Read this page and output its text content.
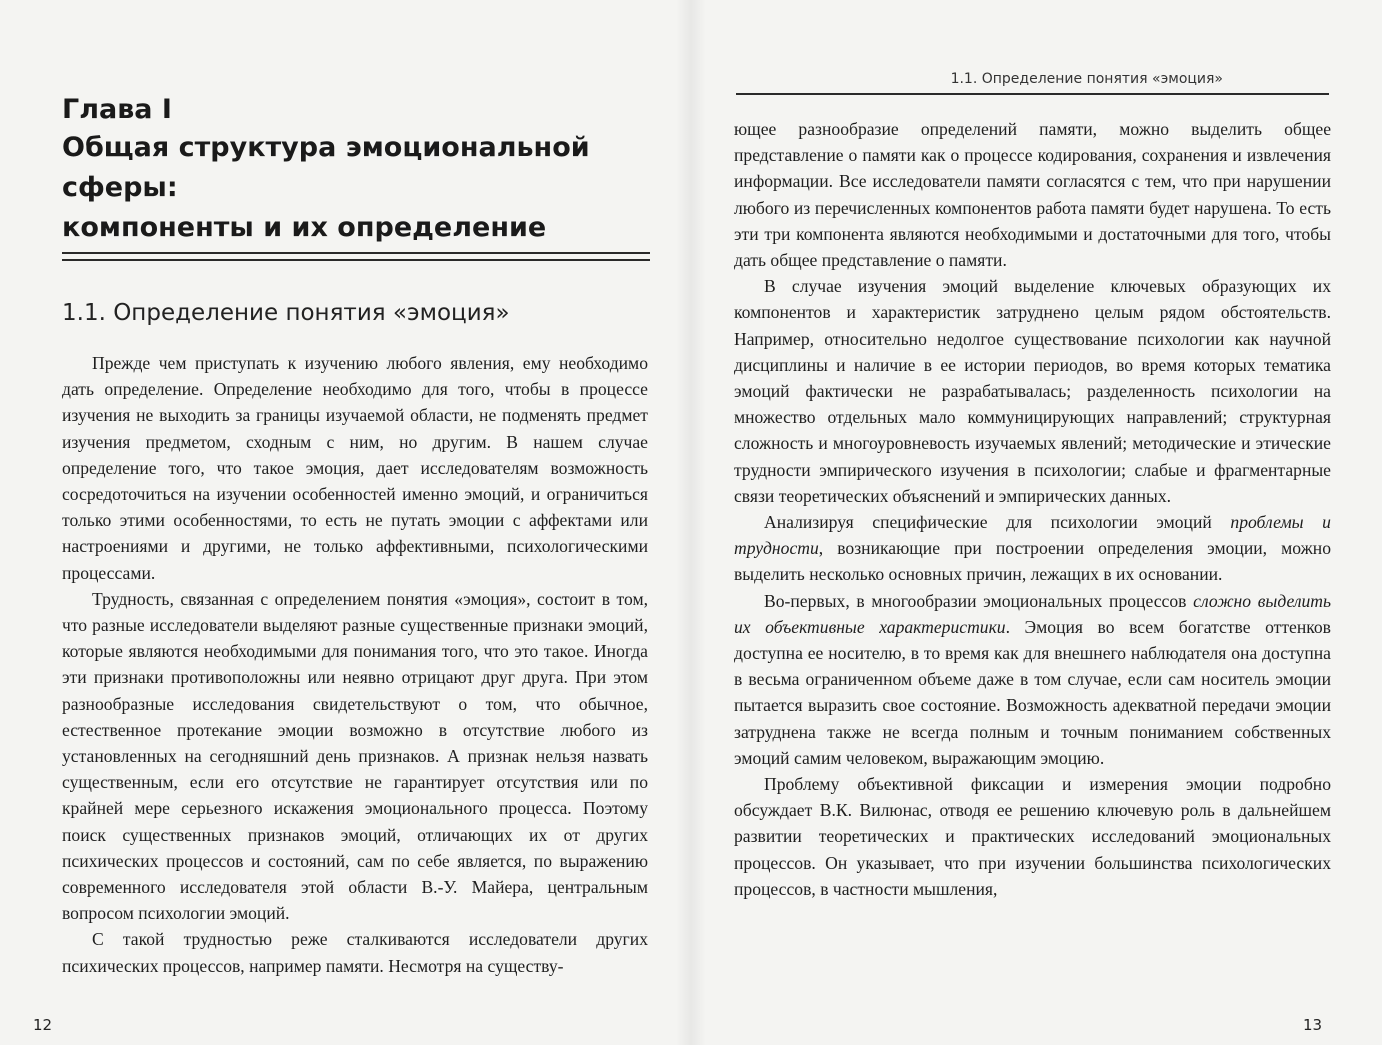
Глава I
Общая структура эмоциональной сферы:
компоненты и их определение
1.1. Определение понятия «эмоция»

Прежде чем приступать к изучению любого явления, ему необходимо дать определение. Определение необходимо для того, чтобы в процессе изучения не выходить за границы изучаемой области, не подменять предмет изучения предметом, сходным с ним, но другим. В нашем случае определение того, что такое эмоция, дает исследователям возможность сосредоточиться на изучении особенностей именно эмоций, и ограничиться только этими особенностями, то есть не путать эмоции с аффектами или настроениями и другими, не только аффективными, психологическими процессами.

Трудность, связанная с определением понятия «эмоция», состоит в том, что разные исследователи выделяют разные существенные признаки эмоций, которые являются необходимыми для понимания того, что это такое. Иногда эти признаки противоположны или неявно отрицают друг друга. При этом разнообразные исследования свидетельствуют о том, что обычное, естественное протекание эмоции возможно в отсутствие любого из установленных на сегодняшний день признаков. А признак нельзя назвать существенным, если его отсутствие не гарантирует отсутствия или по крайней мере серьезного искажения эмоционального процесса. Поэтому поиск существенных признаков эмоций, отличающих их от других психических процессов и состояний, сам по себе является, по выражению современного исследователя этой области В.-У. Майера, центральным вопросом психологии эмоций.

С такой трудностью реже сталкиваются исследователи других психических процессов, например памяти. Несмотря на существу-

12
1.1. Определение понятия «эмоция»

ющее разнообразие определений памяти, можно выделить общее представление о памяти как о процессе кодирования, сохранения и извлечения информации. Все исследователи памяти согласятся с тем, что при нарушении любого из перечисленных компонентов работа памяти будет нарушена. То есть эти три компонента являются необходимыми и достаточными для того, чтобы дать общее представление о памяти.

В случае изучения эмоций выделение ключевых образующих их компонентов и характеристик затруднено целым рядом обстоятельств. Например, относительно недолгое существование психологии как научной дисциплины и наличие в ее истории периодов, во время которых тематика эмоций фактически не разрабатывалась; разделенность психологии на множество отдельных мало коммуницирующих направлений; структурная сложность и многоуровневость изучаемых явлений; методические и этические трудности эмпирического изучения в психологии; слабые и фрагментарные связи теоретических объяснений и эмпирических данных.

Анализируя специфические для психологии эмоций проблемы и трудности, возникающие при построении определения эмоции, можно выделить несколько основных причин, лежащих в их основании.

Во-первых, в многообразии эмоциональных процессов сложно выделить их объективные характеристики. Эмоция во всем богатстве оттенков доступна ее носителю, в то время как для внешнего наблюдателя она доступна в весьма ограниченном объеме даже в том случае, если сам носитель эмоции пытается выразить свое состояние. Возможность адекватной передачи эмоции затруднена также не всегда полным и точным пониманием собственных эмоций самим человеком, выражающим эмоцию.

Проблему объективной фиксации и измерения эмоции подробно обсуждает В.К. Вилюнас, отводя ее решению ключевую роль в дальнейшем развитии теоретических и практических исследований эмоциональных процессов. Он указывает, что при изучении большинства психологических процессов, в частности мышления,

13
